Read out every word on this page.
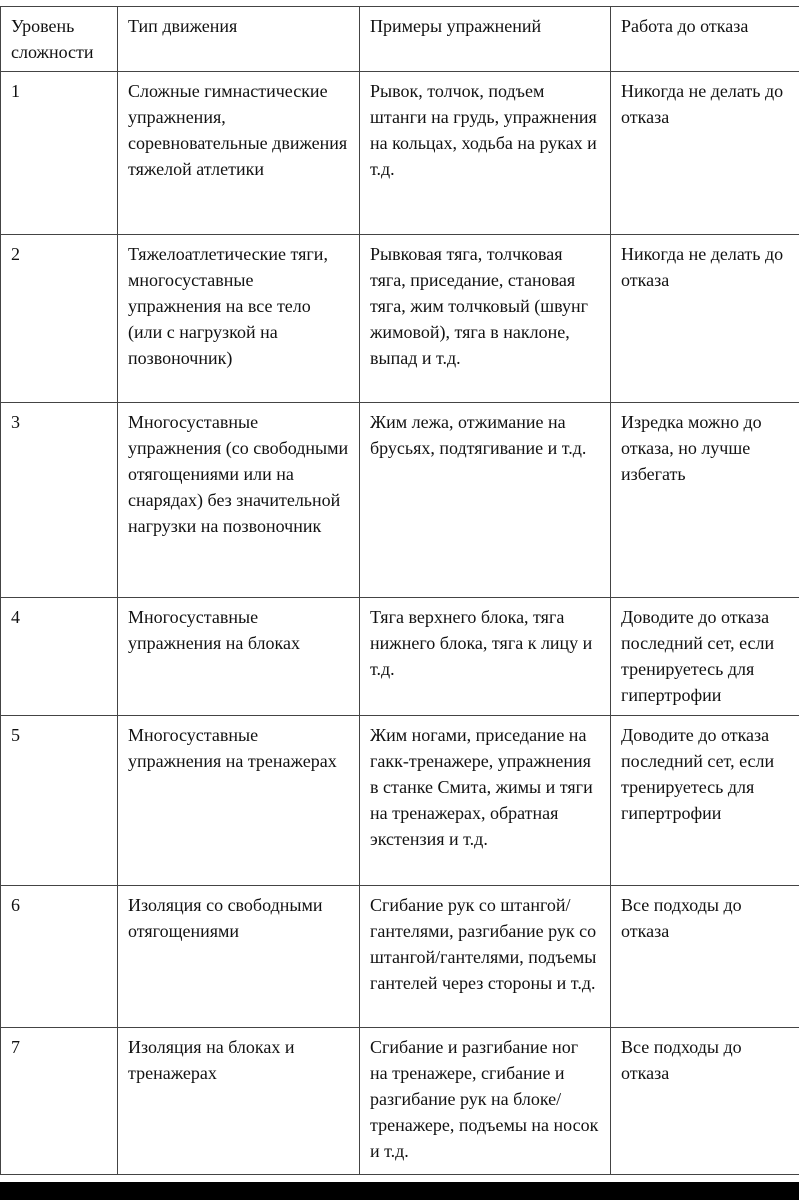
Уровень сложности	Тип движения	Примеры упражнений	Работа до отказа
1	Сложные гимнастические упражнения, соревновательные движения тяжелой атлетики	Рывок, толчок, подъем штанги на грудь, упражнения на кольцах, ходьба на руках и т.д.	Никогда не делать до отказа
2	Тяжелоатлетические тяги, многосуставные упражнения на все тело (или с нагрузкой на позвоночник)	Рывковая тяга, толчковая тяга, приседание, становая тяга, жим толчковый (швунг жимовой), тяга в наклоне, выпад и т.д.	Никогда не делать до отказа
3	Многосуставные упражнения (со свободными отягощениями или на снарядах) без значительной нагрузки на позвоночник	Жим лежа, отжимание на брусьях, подтягивание и т.д.	Изредка можно до отказа, но лучше избегать
4	Многосуставные упражнения на блоках	Тяга верхнего блока, тяга нижнего блока, тяга к лицу и т.д.	Доводите до отказа последний сет, если тренируетесь для гипертрофии
5	Многосуставные упражнения на тренажерах	Жим ногами, приседание на гакк-тренажере, упражнения в станке Смита, жимы и тяги на тренажерах, обратная экстензия и т.д.	Доводите до отказа последний сет, если тренируетесь для гипертрофии
6	Изоляция со свободными отягощениями	Сгибание рук со штангой/ гантелями, разгибание рук со штангой/гантелями, подъемы гантелей через стороны и т.д.	Все подходы до отказа
7	Изоляция на блоках и тренажерах	Сгибание и разгибание ног на тренажере, сгибание и разгибание рук на блоке/тренажере, подъемы на носок и т.д.	Все подходы до отказа
